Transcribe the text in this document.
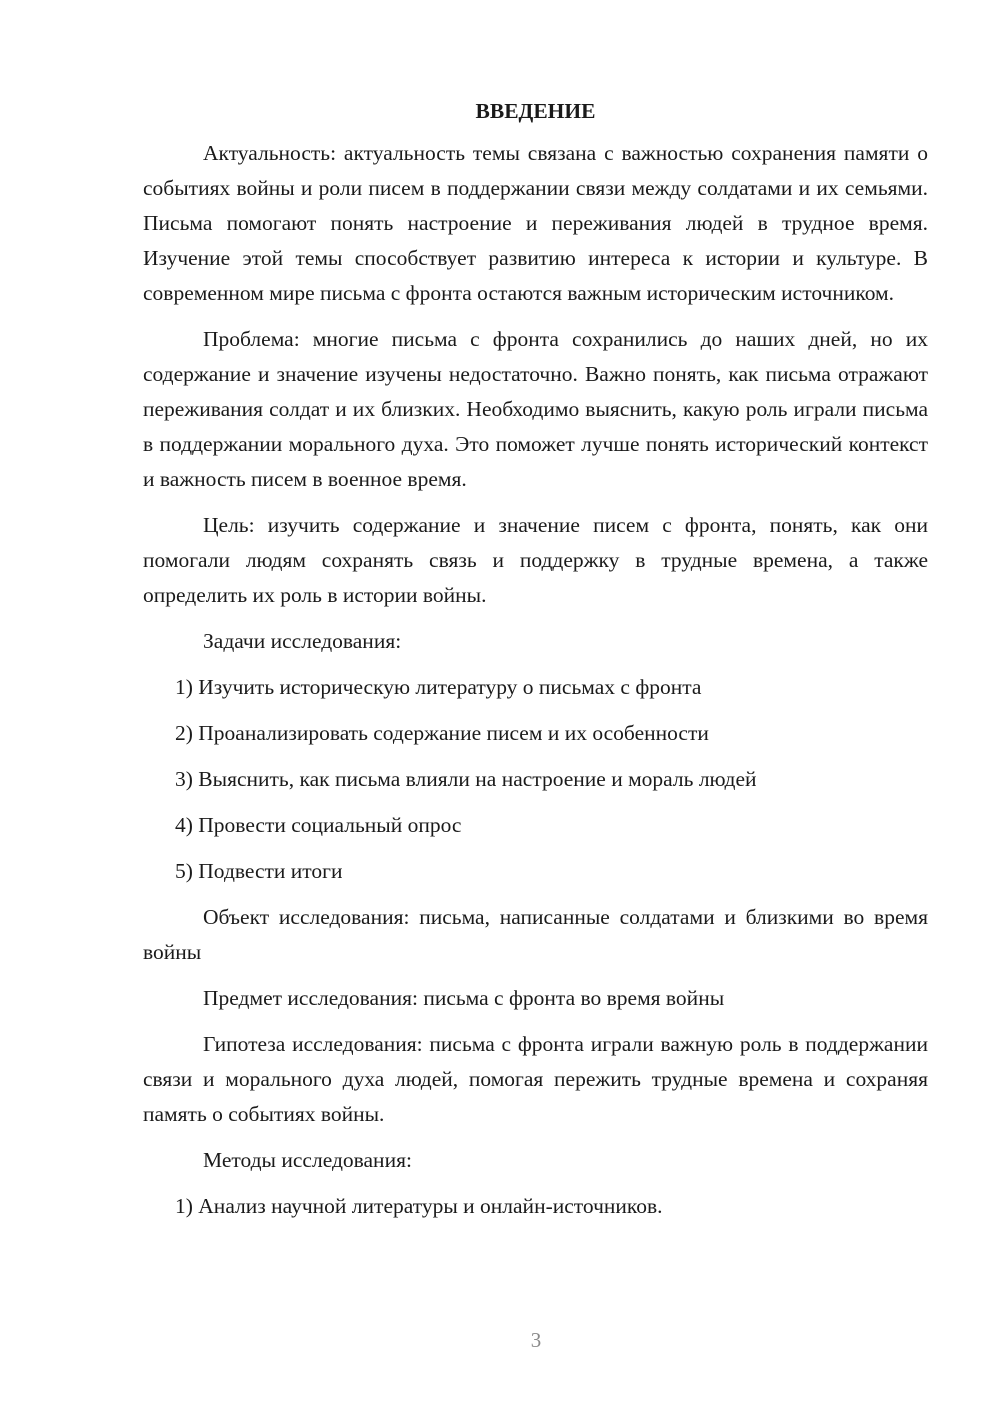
ВВЕДЕНИЕ

Актуальность: актуальность темы связана с важностью сохранения памяти о событиях войны и роли писем в поддержании связи между солдатами и их семьями. Письма помогают понять настроение и переживания людей в трудное время. Изучение этой темы способствует развитию интереса к истории и культуре. В современном мире письма с фронта остаются важным историческим источником.

Проблема: многие письма с фронта сохранились до наших дней, но их содержание и значение изучены недостаточно. Важно понять, как письма отражают переживания солдат и их близких. Необходимо выяснить, какую роль играли письма в поддержании морального духа. Это поможет лучше понять исторический контекст и важность писем в военное время.

Цель: изучить содержание и значение писем с фронта, понять, как они помогали людям сохранять связь и поддержку в трудные времена, а также определить их роль в истории войны.

Задачи исследования:

1) Изучить историческую литературу о письмах с фронта

2) Проанализировать содержание писем и их особенности

3) Выяснить, как письма влияли на настроение и мораль людей

4) Провести социальный опрос

5) Подвести итоги

Объект исследования: письма, написанные солдатами и близкими во время войны

Предмет исследования: письма с фронта во время войны

Гипотеза исследования: письма с фронта играли важную роль в поддержании связи и морального духа людей, помогая пережить трудные времена и сохраняя память о событиях войны.

Методы исследования:

1) Анализ научной литературы и онлайн-источников.

3
